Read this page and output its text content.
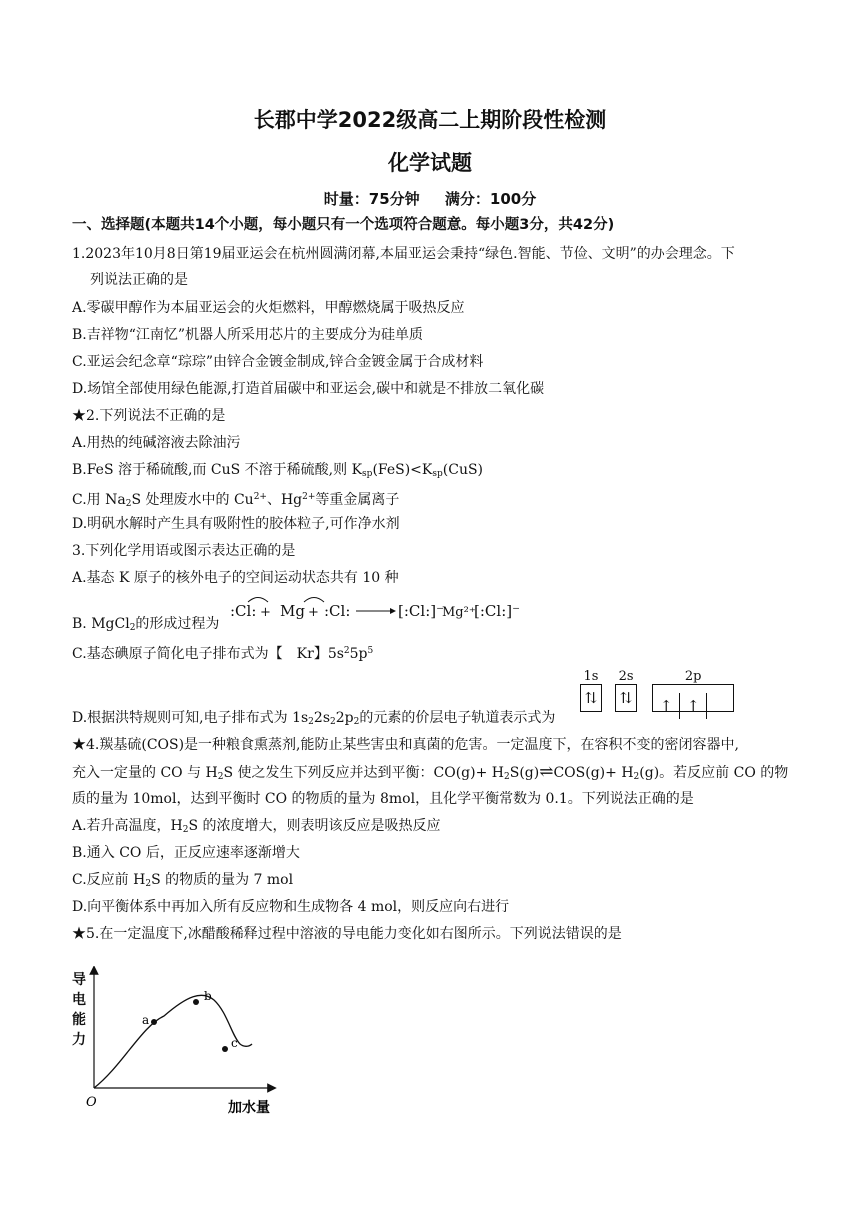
长郡中学2022级高二上期阶段性检测
化学试题
时量：75分钟 满分：100分
一、选择题(本题共14个小题，每小题只有一个选项符合题意。每小题3分，共42分)
1.2023年10月8日第19届亚运会在杭州圆满闭幕,本届亚运会秉持“绿色.智能、节俭、文明”的办会理念。下
列说法正确的是
A.零碳甲醇作为本届亚运会的火炬燃料，甲醇燃烧属于吸热反应
B.吉祥物“江南忆”机器人所采用芯片的主要成分为硅单质
C.亚运会纪念章“琮琮”由锌合金镀金制成,锌合金镀金属于合成材料
D.场馆全部使用绿色能源,打造首届碳中和亚运会,碳中和就是不排放二氧化碳
★2.下列说法不正确的是
A.用热的纯碱溶液去除油污
B.FeS 溶于稀硫酸,而 CuS 不溶于稀硫酸,则 $K_{sp}(FeS)<K_{sp}(CuS)$
C.用 $Na_2S$ 处理废水中的 $Cu^{2+}$、$Hg^{2+}$等重金属离子
D.明矾水解时产生具有吸附性的胶体粒子,可作净水剂
3.下列化学用语或图示表达正确的是
A.基态 K 原子的核外电子的空间运动状态共有 10 种
B. MgCl$_2$的形成过程为
:Cl: + Mg + :Cl:	[:Cl:]⁻
Mg²⁺
[:Cl:]⁻
C.基态碘原子简化电子排布式为【　Kr】$5s^25p^5$
D.根据洪特规则可知,电子排布式为 $1s_22s_22p_2$的元素的价层电子轨道表示式为
1s
⇅
2s
⇅
2p
↑ ↑
★4.羰基硫(COS)是一种粮食熏蒸剂,能防止某些害虫和真菌的危害。一定温度下，在容积不变的密闭容器中,
充入一定量的 CO 与 $H_2S$ 使之发生下列反应并达到平衡：$CO(g)+ H_2S(g)\rightleftharpoons COS(g)+ H_2(g)$。若反应前 CO 的物
质的量为 10mol，达到平衡时 CO 的物质的量为 8mol，且化学平衡常数为 0.1。下列说法正确的是
A.若升高温度，$H_2S$ 的浓度增大，则表明该反应是吸热反应
B.通入 CO 后，正反应速率逐渐增大
C.反应前 $H_2S$ 的物质的量为 7 mol
D.向平衡体系中再加入所有反应物和生成物各 4 mol，则反应向右进行
★5.在一定温度下,冰醋酸稀释过程中溶液的导电能力变化如右图所示。下列说法错误的是
导
电
能
力
O	加水量
a
b
c
